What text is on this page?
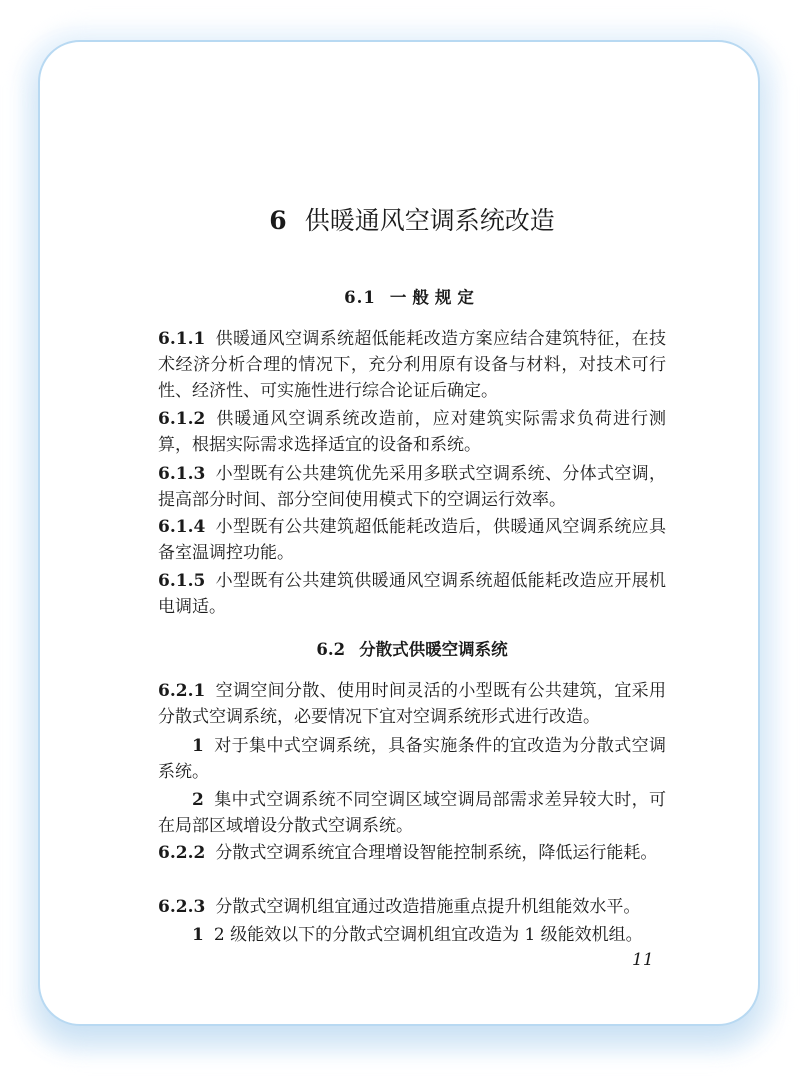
6 供暖通风空调系统改造
6.1 一般规定
6.1.1 供暖通风空调系统超低能耗改造方案应结合建筑特征，在技术经济分析合理的情况下，充分利用原有设备与材料，对技术可行性、经济性、可实施性进行综合论证后确定。
6.1.2 供暖通风空调系统改造前，应对建筑实际需求负荷进行测算，根据实际需求选择适宜的设备和系统。
6.1.3 小型既有公共建筑优先采用多联式空调系统、分体式空调，提高部分时间、部分空间使用模式下的空调运行效率。
6.1.4 小型既有公共建筑超低能耗改造后，供暖通风空调系统应具备室温调控功能。
6.1.5 小型既有公共建筑供暖通风空调系统超低能耗改造应开展机电调适。
6.2 分散式供暖空调系统
6.2.1 空调空间分散、使用时间灵活的小型既有公共建筑，宜采用分散式空调系统，必要情况下宜对空调系统形式进行改造。
1 对于集中式空调系统，具备实施条件的宜改造为分散式空调系统。
2 集中式空调系统不同空调区域空调局部需求差异较大时，可在局部区域增设分散式空调系统。
6.2.2 分散式空调系统宜合理增设智能控制系统，降低运行能耗。
6.2.3 分散式空调机组宜通过改造措施重点提升机组能效水平。
1 2 级能效以下的分散式空调机组宜改造为 1 级能效机组。
11
